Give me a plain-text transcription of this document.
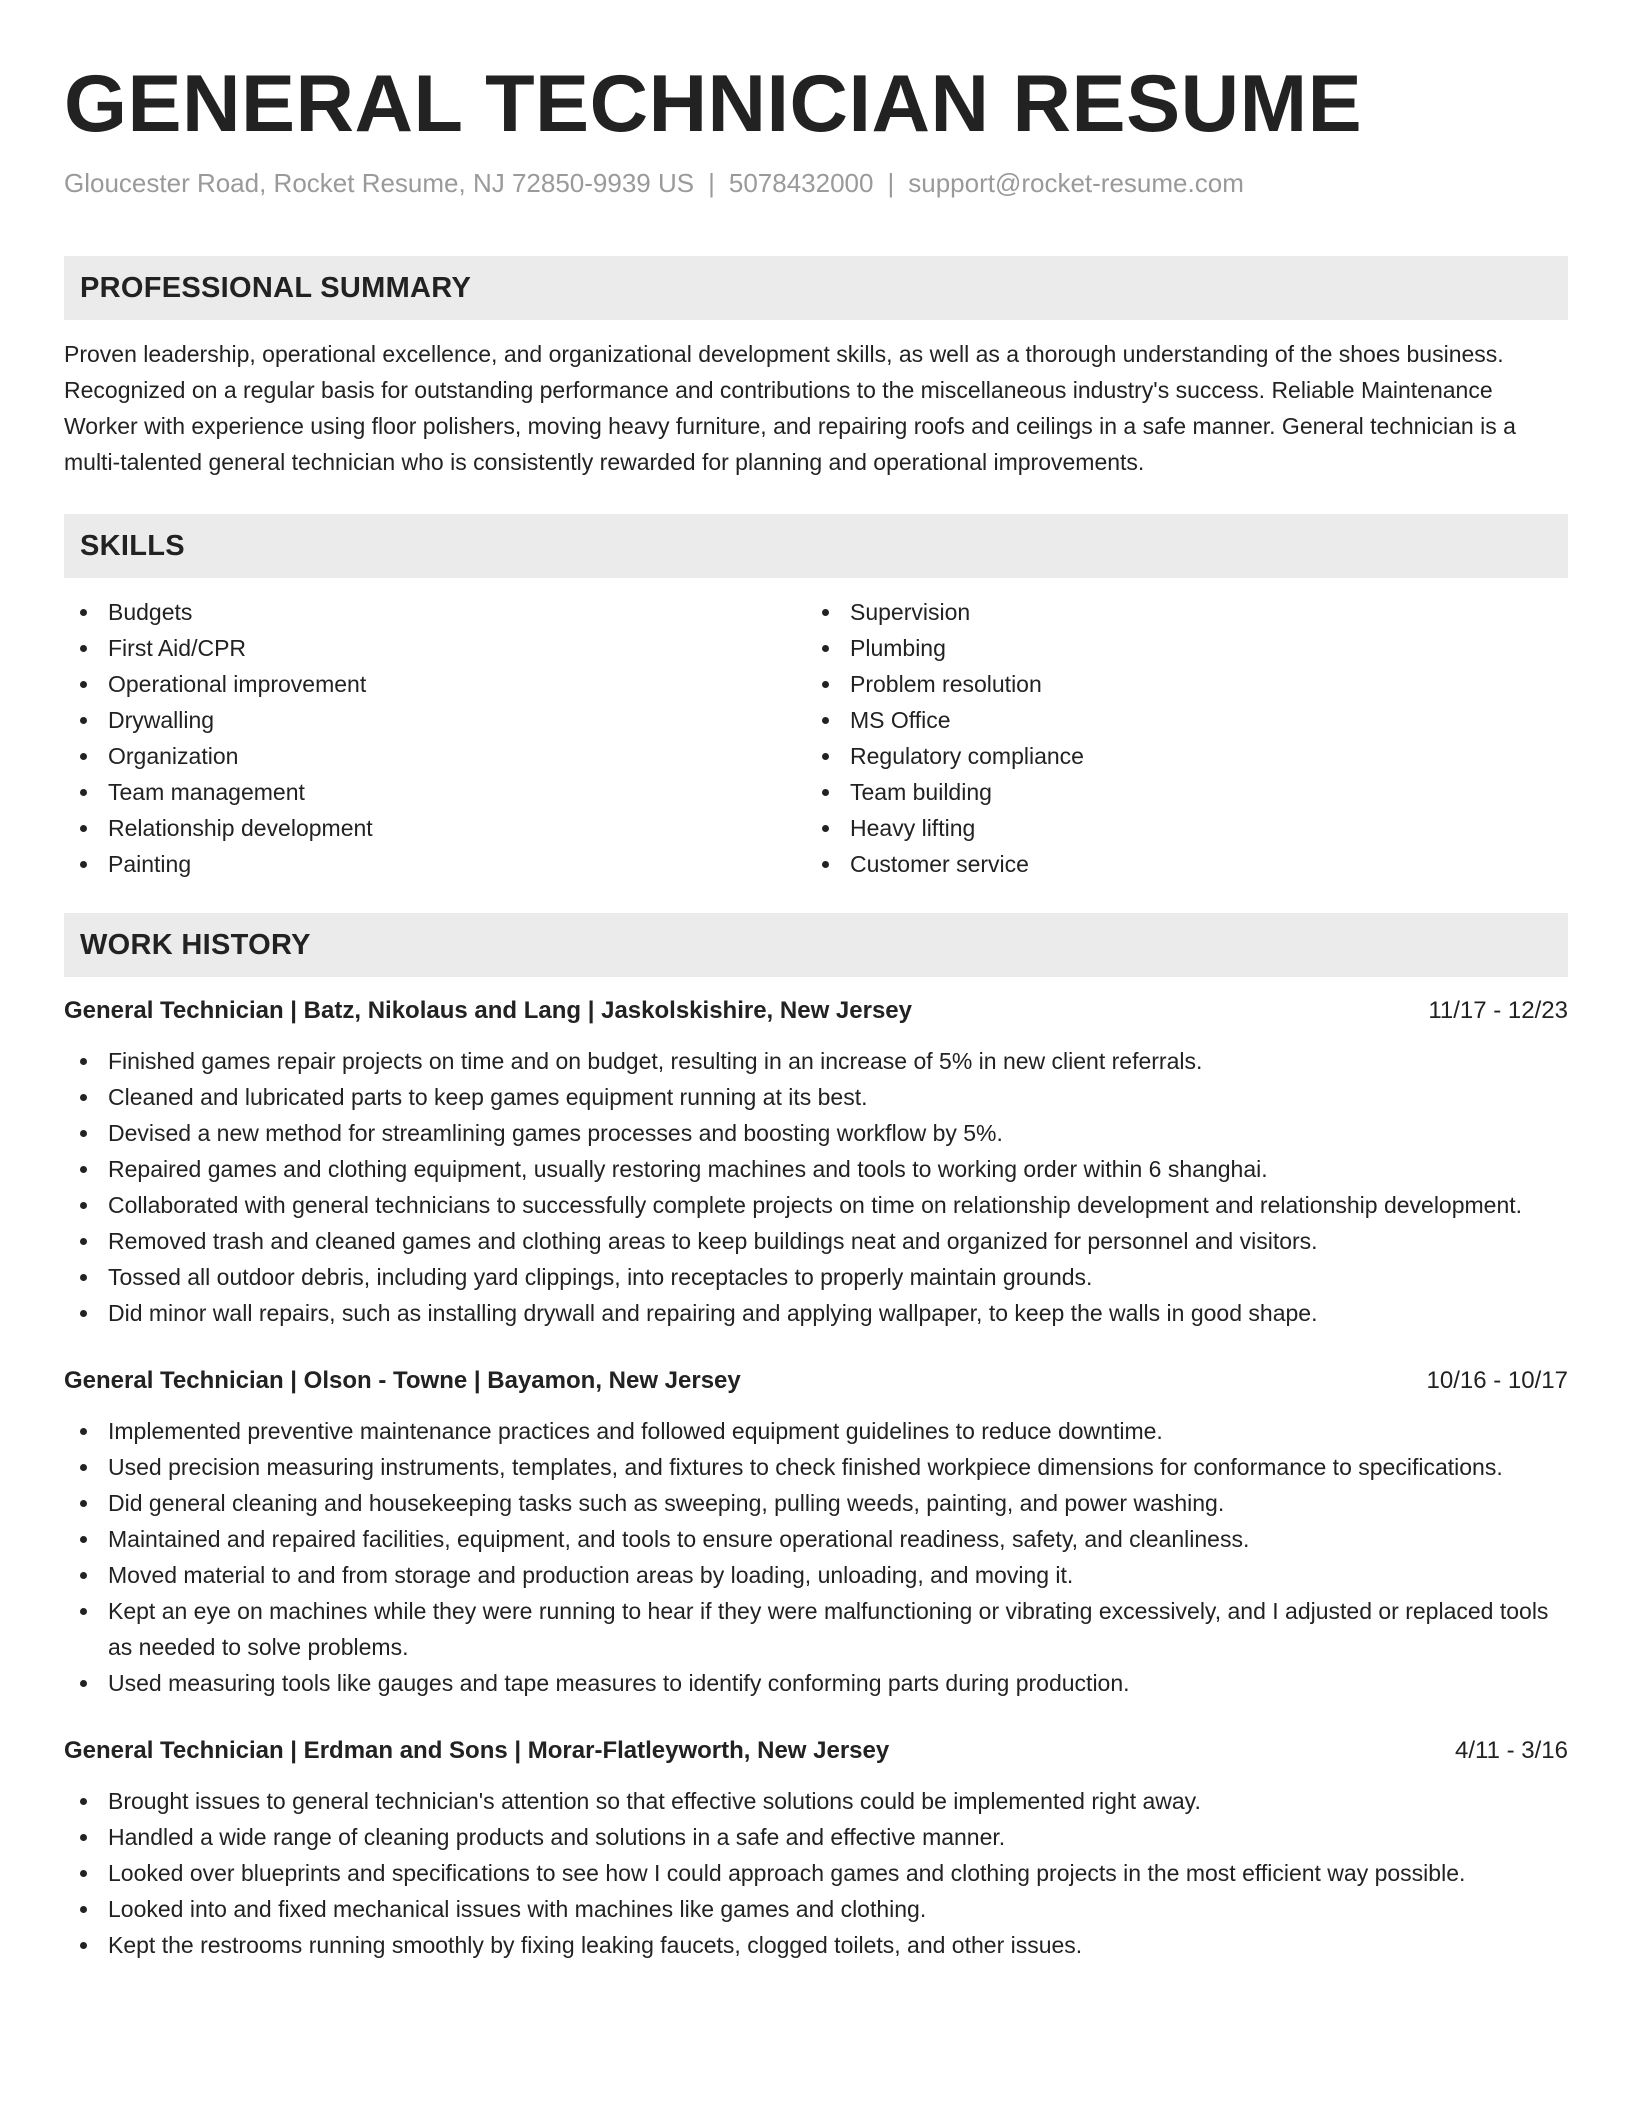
GENERAL TECHNICIAN RESUME
Gloucester Road, Rocket Resume, NJ 72850-9939 US | 5078432000 | support@rocket-resume.com
PROFESSIONAL SUMMARY

Proven leadership, operational excellence, and organizational development skills, as well as a thorough understanding of the shoes business. Recognized on a regular basis for outstanding performance and contributions to the miscellaneous industry's success. Reliable Maintenance Worker with experience using floor polishers, moving heavy furniture, and repairing roofs and ceilings in a safe manner. General technician is a multi-talented general technician who is consistently rewarded for planning and operational improvements.

SKILLS
Budgets
First Aid/CPR
Operational improvement
Drywalling
Organization
Team management
Relationship development
Painting
Supervision
Plumbing
Problem resolution
MS Office
Regulatory compliance
Team building
Heavy lifting
Customer service
WORK HISTORY
General Technician | Batz, Nikolaus and Lang | Jaskolskishire, New Jersey	11/17 - 12/23
Finished games repair projects on time and on budget, resulting in an increase of 5% in new client referrals.
Cleaned and lubricated parts to keep games equipment running at its best.
Devised a new method for streamlining games processes and boosting workflow by 5%.
Repaired games and clothing equipment, usually restoring machines and tools to working order within 6 shanghai.
Collaborated with general technicians to successfully complete projects on time on relationship development and relationship development.
Removed trash and cleaned games and clothing areas to keep buildings neat and organized for personnel and visitors.
Tossed all outdoor debris, including yard clippings, into receptacles to properly maintain grounds.
Did minor wall repairs, such as installing drywall and repairing and applying wallpaper, to keep the walls in good shape.
General Technician | Olson - Towne | Bayamon, New Jersey	10/16 - 10/17
Implemented preventive maintenance practices and followed equipment guidelines to reduce downtime.
Used precision measuring instruments, templates, and fixtures to check finished workpiece dimensions for conformance to specifications.
Did general cleaning and housekeeping tasks such as sweeping, pulling weeds, painting, and power washing.
Maintained and repaired facilities, equipment, and tools to ensure operational readiness, safety, and cleanliness.
Moved material to and from storage and production areas by loading, unloading, and moving it.
Kept an eye on machines while they were running to hear if they were malfunctioning or vibrating excessively, and I adjusted or replaced tools as needed to solve problems.
Used measuring tools like gauges and tape measures to identify conforming parts during production.
General Technician | Erdman and Sons | Morar-Flatleyworth, New Jersey	4/11 - 3/16
Brought issues to general technician's attention so that effective solutions could be implemented right away.
Handled a wide range of cleaning products and solutions in a safe and effective manner.
Looked over blueprints and specifications to see how I could approach games and clothing projects in the most efficient way possible.
Looked into and fixed mechanical issues with machines like games and clothing.
Kept the restrooms running smoothly by fixing leaking faucets, clogged toilets, and other issues.
